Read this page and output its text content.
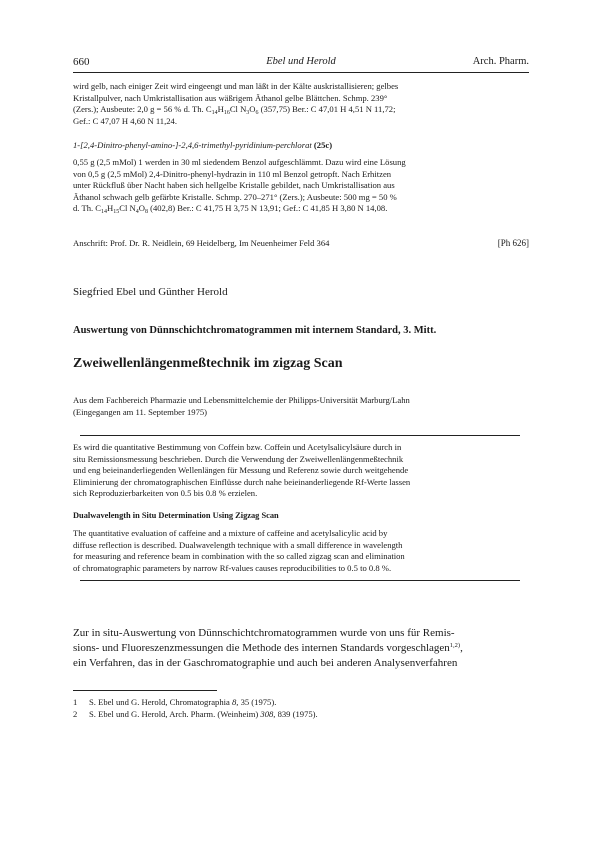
660	Ebel und Herold	Arch. Pharm.

wird gelb, nach einiger Zeit wird eingeengt und man läßt in der Kälte auskristallisieren; gelbes

Kristallpulver, nach Umkristallisation aus wäßrigem Äthanol gelbe Blättchen. Schmp. 239°

(Zers.); Ausbeute: 2,0 g = 56 % d. Th. $C_{14}H_{16}Cl$ $N_3O_6$ (357,75) Ber.: C 47,01 H 4,51 N 11,72;

Gef.: C 47,07 H 4,60 N 11,24.

1-[2,4-Dinitro-phenyl-amino-]-2,4,6-trimethyl-pyridinium-perchlorat (25c)

0,55 g (2,5 mMol) 1 werden in 30 ml siedendem Benzol aufgeschlämmt. Dazu wird eine Lösung

von 0,5 g (2,5 mMol) 2,4-Dinitro-phenyl-hydrazin in 110 ml Benzol getropft. Nach Erhitzen

unter Rückfluß über Nacht haben sich hellgelbe Kristalle gebildet, nach Umkristallisation aus

Äthanol schwach gelb gefärbte Kristalle. Schmp. 270–271° (Zers.); Ausbeute: 500 mg = 50 %

d. Th. $C_{14}H_{15}Cl$ $N_4O_8$ (402,8) Ber.: C 41,75 H 3,75 N 13,91; Gef.: C 41,85 H 3,80 N 14,08.

Anschrift: Prof. Dr. R. Neidlein, 69 Heidelberg, Im Neuenheimer Feld 364	[Ph 626]
Siegfried Ebel und Günther Herold
Auswertung von Dünnschichtchromatogrammen mit internem Standard, 3. Mitt.
Zweiwellenlängenmeßtechnik im zigzag Scan

Aus dem Fachbereich Pharmazie und Lebensmittelchemie der Philipps-Universität Marburg/Lahn

(Eingegangen am 11. September 1975)

Es wird die quantitative Bestimmung von Coffein bzw. Coffein und Acetylsalicylsäure durch in

situ Remissionsmessung beschrieben. Durch die Verwendung der Zweiwellenlängenmeßtechnik

und eng beieinanderliegenden Wellenlängen für Messung und Referenz sowie durch weitgehende

Eliminierung der chromatographischen Einflüsse durch nahe beieinanderliegende Rf-Werte lassen

sich Reproduzierbarkeiten von 0.5 bis 0.8 % erzielen.

Dualwavelength in Situ Determination Using Zigzag Scan

The quantitative evaluation of caffeine and a mixture of caffeine and acetylsalicylic acid by

diffuse reflection is described. Dualwavelength technique with a small difference in wavelength

for measuring and reference beam in combination with the so called zigzag scan and elimination

of chromatographic parameters by narrow Rf-values causes reproducibilities to 0.5 to 0.8 %.

Zur in situ-Auswertung von Dünnschichtchromatogrammen wurde von uns für Remis-

sions- und Fluoreszenzmessungen die Methode des internen Standards vorgeschlagen$^{1,2)}$,

ein Verfahren, das in der Gaschromatographie und auch bei anderen Analysenverfahren

1 S. Ebel und G. Herold, Chromatographia 8, 35 (1975).
2 S. Ebel und G. Herold, Arch. Pharm. (Weinheim) 308, 839 (1975).
